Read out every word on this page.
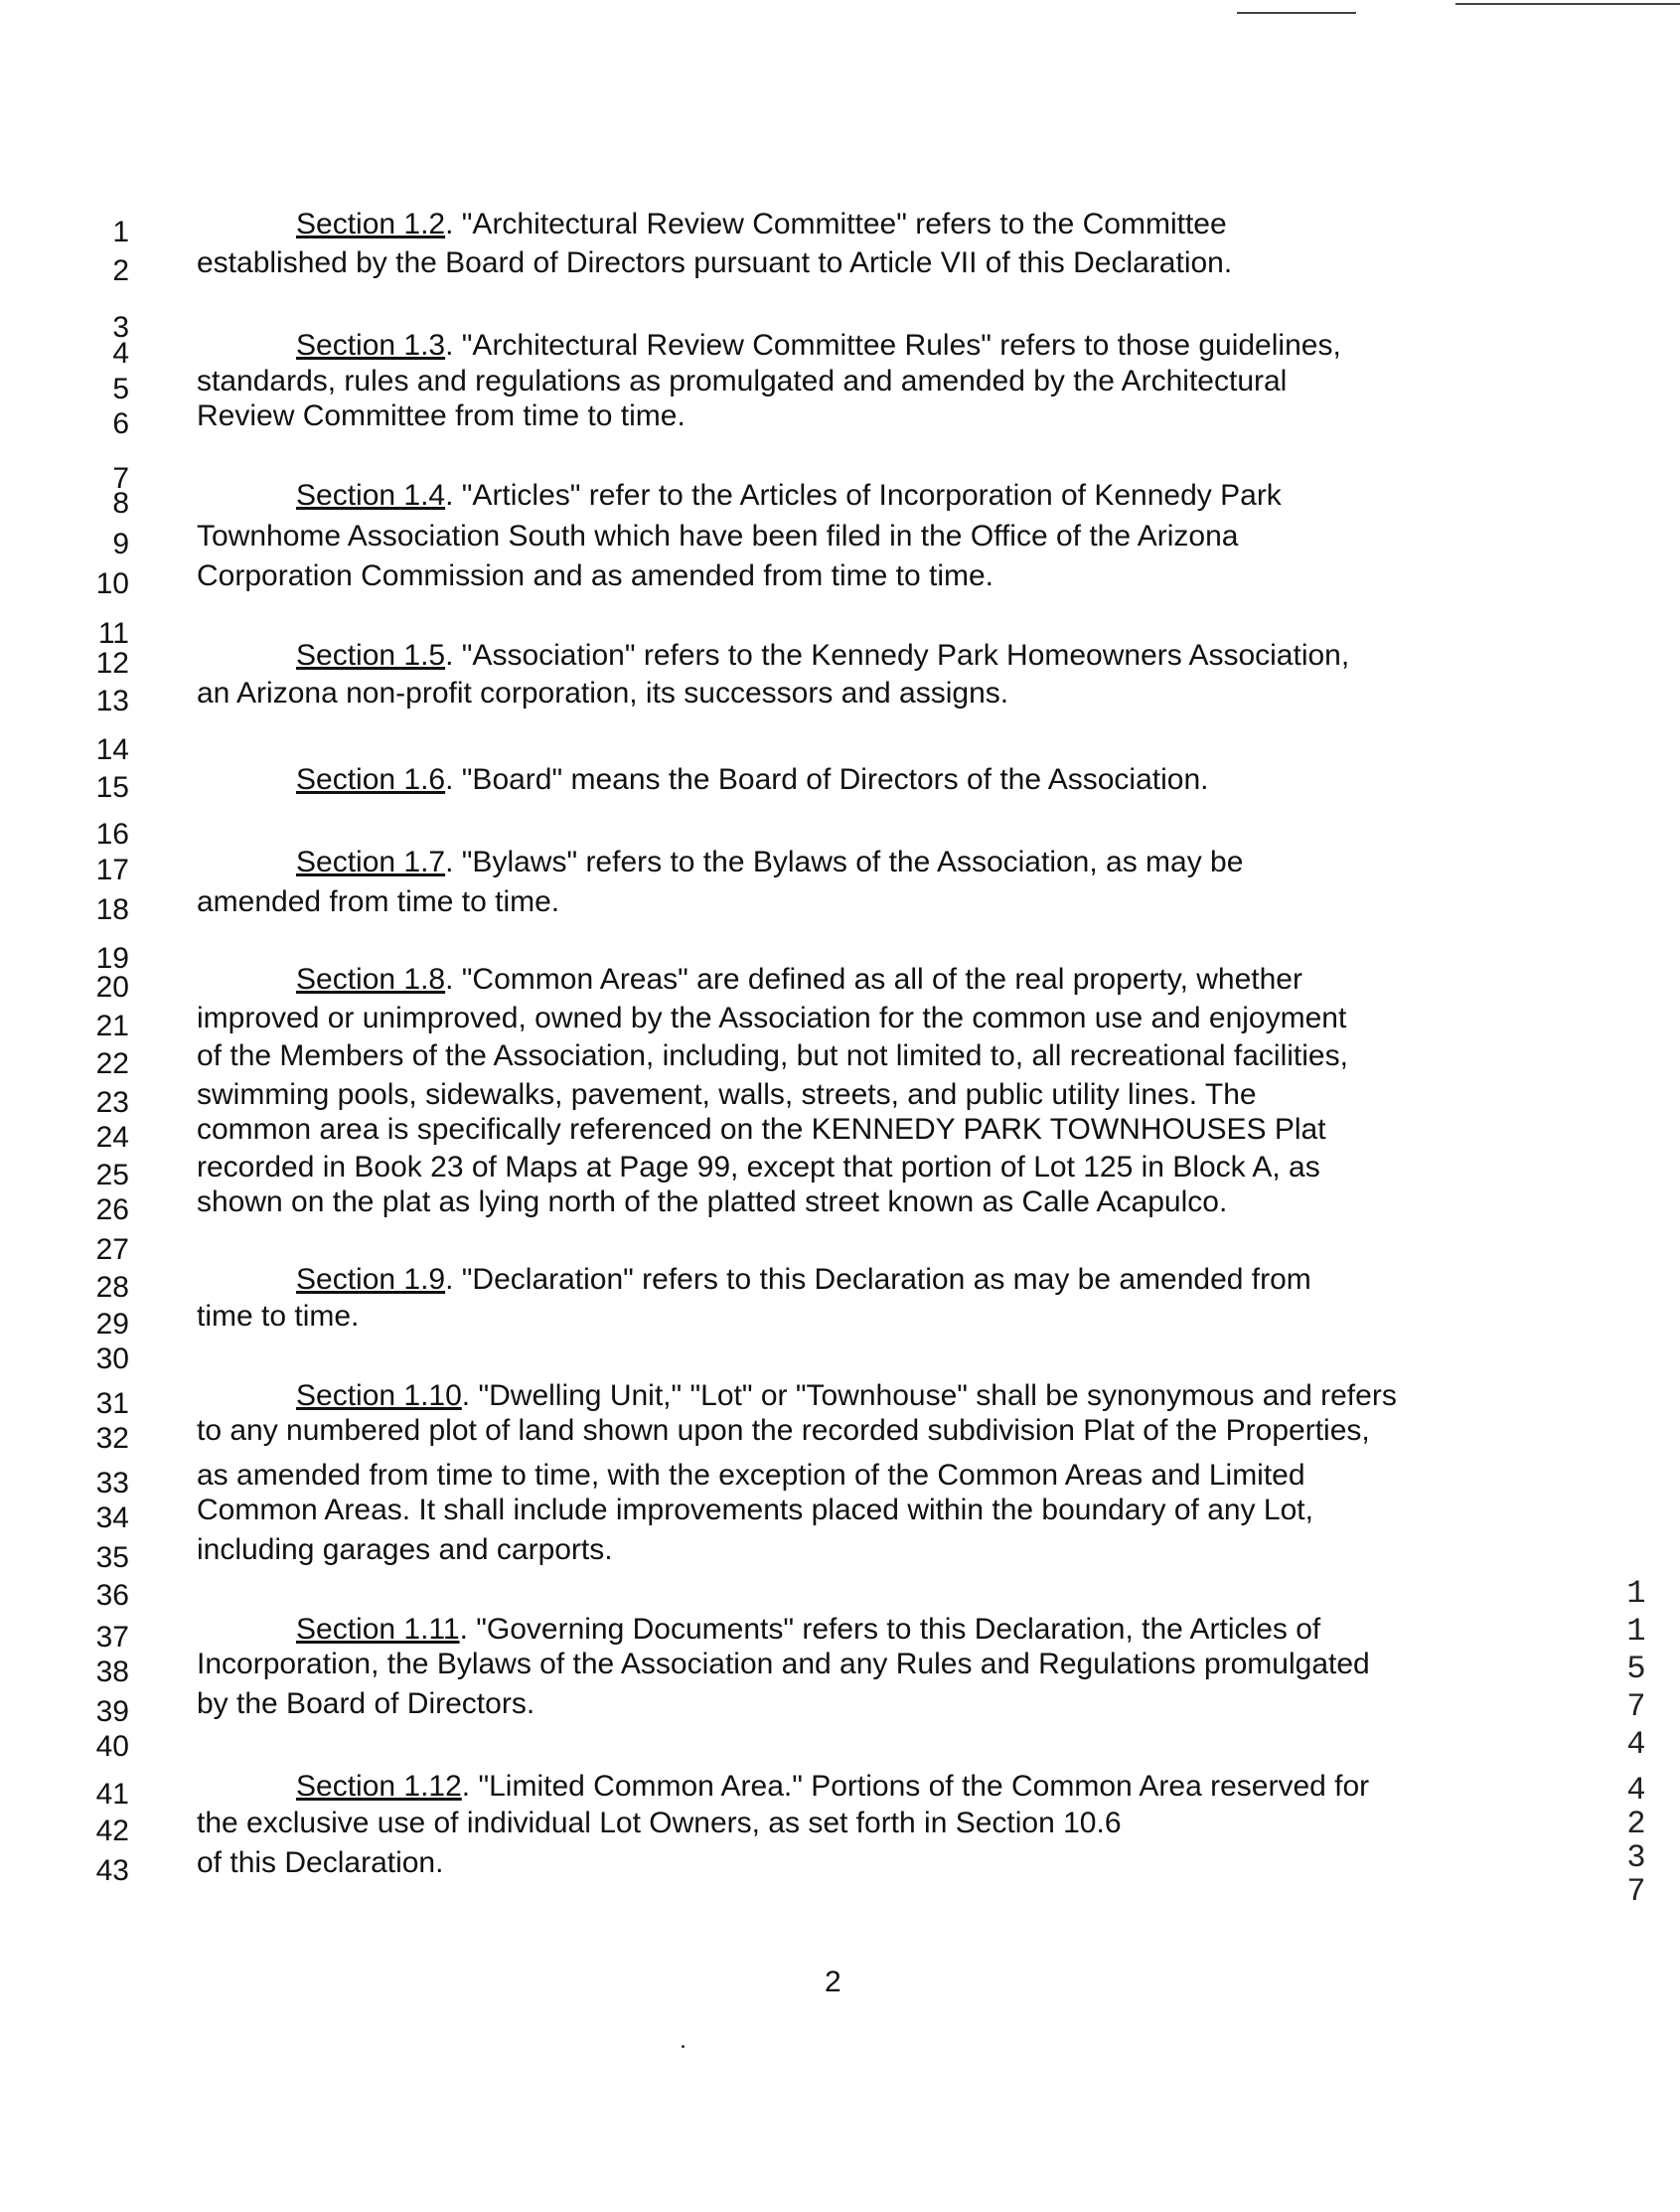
1	Section 1.2. "Architectural Review Committee" refers to the Committee
2 established by the Board of Directors pursuant to Article VII of this Declaration.
3
4	Section 1.3. "Architectural Review Committee Rules" refers to those guidelines,
5 standards, rules and regulations as promulgated and amended by the Architectural
6 Review Committee from time to time.
7
8	Section 1.4. "Articles" refer to the Articles of Incorporation of Kennedy Park
9 Townhome Association South which have been filed in the Office of the Arizona
10 Corporation Commission and as amended from time to time.
11
12	Section 1.5. "Association" refers to the Kennedy Park Homeowners Association,
13 an Arizona non-profit corporation, its successors and assigns.
14
15	Section 1.6. "Board" means the Board of Directors of the Association.
16
17	Section 1.7. "Bylaws" refers to the Bylaws of the Association, as may be
18 amended from time to time.
19
20	Section 1.8. "Common Areas" are defined as all of the real property, whether
21 improved or unimproved, owned by the Association for the common use and enjoyment
22 of the Members of the Association, including, but not limited to, all recreational facilities,
23 swimming pools, sidewalks, pavement, walls, streets, and public utility lines. The
24 common area is specifically referenced on the KENNEDY PARK TOWNHOUSES Plat
25 recorded in Book 23 of Maps at Page 99, except that portion of Lot 125 in Block A, as
26 shown on the plat as lying north of the platted street known as Calle Acapulco.
27
28	Section 1.9. "Declaration" refers to this Declaration as may be amended from
29 time to time.
30
31	Section 1.10. "Dwelling Unit," "Lot" or "Townhouse" shall be synonymous and refers
32 to any numbered plot of land shown upon the recorded subdivision Plat of the Properties,
33 as amended from time to time, with the exception of the Common Areas and Limited
34 Common Areas. It shall include improvements placed within the boundary of any Lot,
35 including garages and carports.
36
37	Section 1.11. "Governing Documents" refers to this Declaration, the Articles of
38 Incorporation, the Bylaws of the Association and any Rules and Regulations promulgated
39 by the Board of Directors.
40
41	Section 1.12. "Limited Common Area." Portions of the Common Area reserved for
42 the exclusive use of individual Lot Owners, as set forth in Section 10.6
43 of this Declaration.
2
1
1
5
7
4
4
2
3
7
